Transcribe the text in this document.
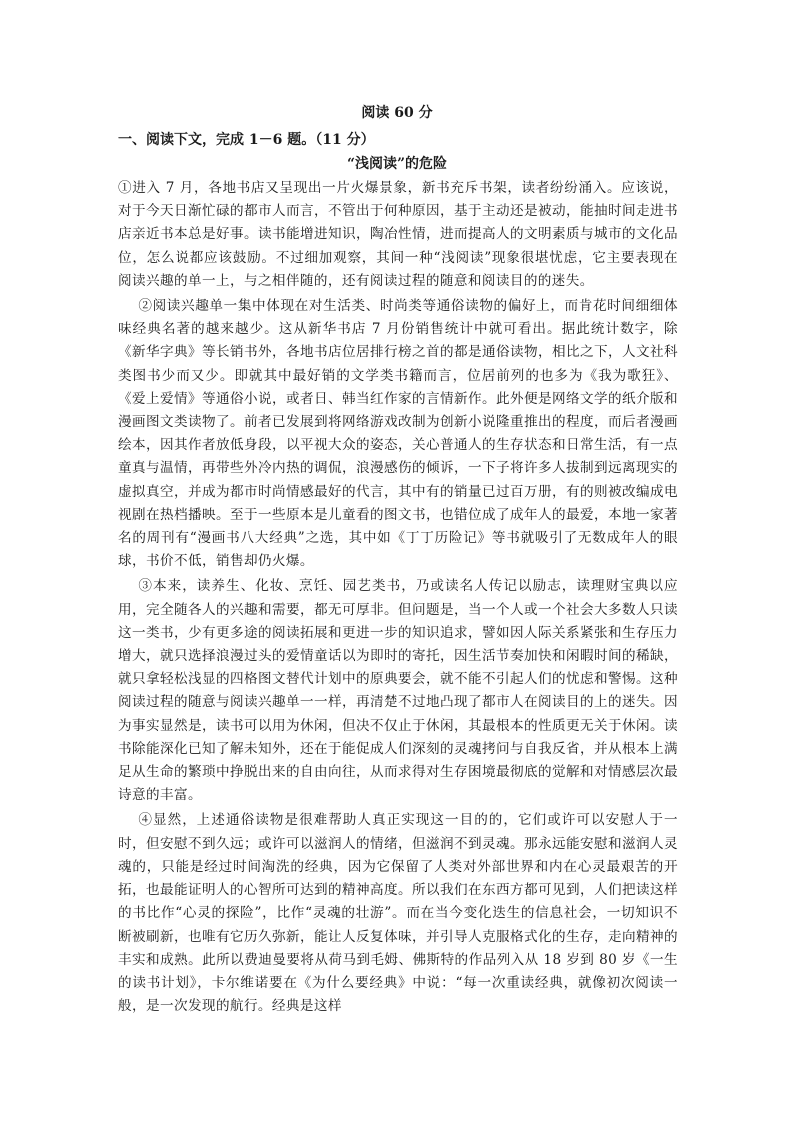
阅读 60 分
一、阅读下文，完成 1－6 题。（11 分）
“浅阅读”的危险

①进入 7 月，各地书店又呈现出一片火爆景象，新书充斥书架，读者纷纷涌入。应该说，对于今天日渐忙碌的都市人而言，不管出于何种原因，基于主动还是被动，能抽时间走进书店亲近书本总是好事。读书能增进知识，陶冶性情，进而提高人的文明素质与城市的文化品位，怎么说都应该鼓励。不过细加观察，其间一种“浅阅读”现象很堪忧虑，它主要表现在阅读兴趣的单一上，与之相伴随的，还有阅读过程的随意和阅读目的的迷失。

②阅读兴趣单一集中体现在对生活类、时尚类等通俗读物的偏好上，而肯花时间细细体味经典名著的越来越少。这从新华书店 7 月份销售统计中就可看出。据此统计数字，除《新华字典》等长销书外，各地书店位居排行榜之首的都是通俗读物，相比之下，人文社科类图书少而又少。即就其中最好销的文学类书籍而言，位居前列的也多为《我为歌狂》、《爱上爱情》等通俗小说，或者日、韩当红作家的言情新作。此外便是网络文学的纸介版和漫画图文类读物了。前者已发展到将网络游戏改制为创新小说隆重推出的程度，而后者漫画绘本，因其作者放低身段，以平视大众的姿态，关心普通人的生存状态和日常生活，有一点童真与温情，再带些外冷内热的调侃，浪漫感伤的倾诉，一下子将许多人拔制到远离现实的虚拟真空，并成为都市时尚情感最好的代言，其中有的销量已过百万册，有的则被改编成电视剧在热档播映。至于一些原本是儿童看的图文书，也错位成了成年人的最爱，本地一家著名的周刊有“漫画书八大经典”之选，其中如《丁丁历险记》等书就吸引了无数成年人的眼球，书价不低，销售却仍火爆。

③本来，读养生、化妆、烹饪、园艺类书，乃或读名人传记以励志，读理财宝典以应用，完全随各人的兴趣和需要，都无可厚非。但问题是，当一个人或一个社会大多数人只读这一类书，少有更多途的阅读拓展和更进一步的知识追求，譬如因人际关系紧张和生存压力增大，就只选择浪漫过头的爱情童话以为即时的寄托，因生活节奏加快和闲暇时间的稀缺，就只拿轻松浅显的四格图文替代计划中的原典要会，就不能不引起人们的忧虑和警惕。这种阅读过程的随意与阅读兴趣单一一样，再清楚不过地凸现了都市人在阅读目的上的迷失。因为事实显然是，读书可以用为休闲，但决不仅止于休闲，其最根本的性质更无关于休闲。读书除能深化已知了解未知外，还在于能促成人们深刻的灵魂拷问与自我反省，并从根本上满足从生命的繁琐中挣脱出来的自由向往，从而求得对生存困境最彻底的觉解和对情感层次最诗意的丰富。

④显然，上述通俗读物是很难帮助人真正实现这一目的的，它们或许可以安慰人于一时，但安慰不到久远；或许可以滋润人的情绪，但滋润不到灵魂。那永远能安慰和滋润人灵魂的，只能是经过时间淘洗的经典，因为它保留了人类对外部世界和内在心灵最艰苦的开拓，也最能证明人的心智所可达到的精神高度。所以我们在东西方都可见到，人们把读这样的书比作“心灵的探险”，比作“灵魂的壮游”。而在当今变化迭生的信息社会，一切知识不断被刷新，也唯有它历久弥新，能让人反复体味，并引导人克服格式化的生存，走向精神的丰实和成熟。此所以费迪曼要将从荷马到毛姆、佛斯特的作品列入从 18 岁到 80 岁《一生的读书计划》，卡尔维诺要在《为什么要经典》中说：“每一次重读经典，就像初次阅读一般，是一次发现的航行。经典是这样
